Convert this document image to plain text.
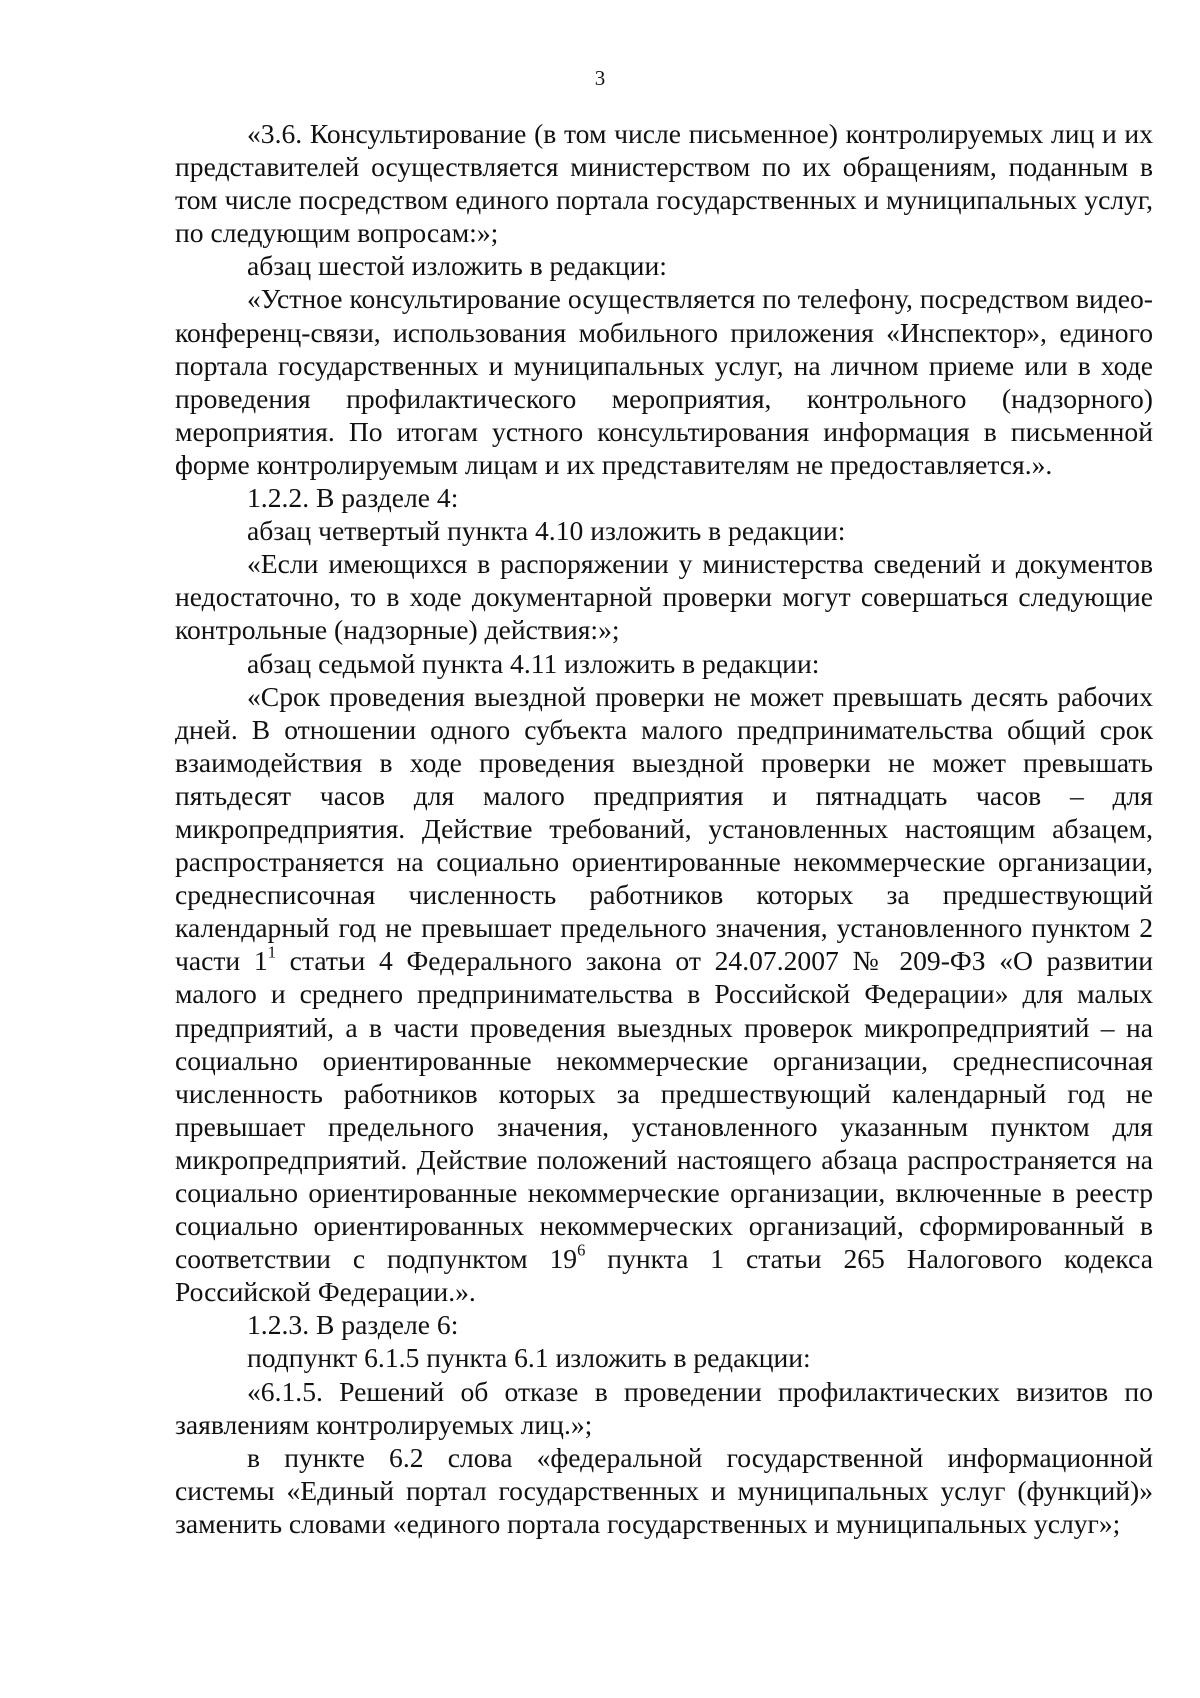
3

«3.6. Консультирование (в том числе письменное) контролируемых лиц и их представителей осуществляется министерством по их обращениям, поданным в том числе посредством единого портала государственных и муниципальных услуг, по следующим вопросам:»;

абзац шестой изложить в редакции:

«Устное консультирование осуществляется по телефону, посредством видео-конференц-связи, использования мобильного приложения «Инспектор», единого портала государственных и муниципальных услуг, на личном приеме или в ходе проведения профилактического мероприятия, контрольного (надзорного) мероприятия. По итогам устного консультирования информация в письменной форме контролируемым лицам и их представителям не предоставляется.».

1.2.2. В разделе 4:

абзац четвертый пункта 4.10 изложить в редакции:

«Если имеющихся в распоряжении у министерства сведений и документов недостаточно, то в ходе документарной проверки могут совершаться следующие контрольные (надзорные) действия:»;

абзац седьмой пункта 4.11 изложить в редакции:

«Срок проведения выездной проверки не может превышать десять рабочих дней. В отношении одного субъекта малого предпринимательства общий срок взаимодействия в ходе проведения выездной проверки не может превышать пятьдесят часов для малого предприятия и пятнадцать часов – для микропредприятия. Действие требований, установленных настоящим абзацем, распространяется на социально ориентированные некоммерческие организации, среднесписочная численность работников которых за предшествующий календарный год не превышает предельного значения, установленного пунктом 2 части $1^1$ статьи 4 Федерального закона от 24.07.2007 № 209-ФЗ «О развитии малого и среднего предпринимательства в Российской Федерации» для малых предприятий, а в части проведения выездных проверок микропредприятий – на социально ориентированные некоммерческие организации, среднесписочная численность работников которых за предшествующий календарный год не превышает предельного значения, установленного указанным пунктом для микропредприятий. Действие положений настоящего абзаца распространяется на социально ориентированные некоммерческие организации, включенные в реестр социально ориентированных некоммерческих организаций, сформированный в соответствии с подпунктом $19^6$ пункта 1 статьи 265 Налогового кодекса Российской Федерации.».

1.2.3. В разделе 6:

подпункт 6.1.5 пункта 6.1 изложить в редакции:

«6.1.5. Решений об отказе в проведении профилактических визитов по заявлениям контролируемых лиц.»;

в пункте 6.2 слова «федеральной государственной информационной системы «Единый портал государственных и муниципальных услуг (функций)» заменить словами «единого портала государственных и муниципальных услуг»;
